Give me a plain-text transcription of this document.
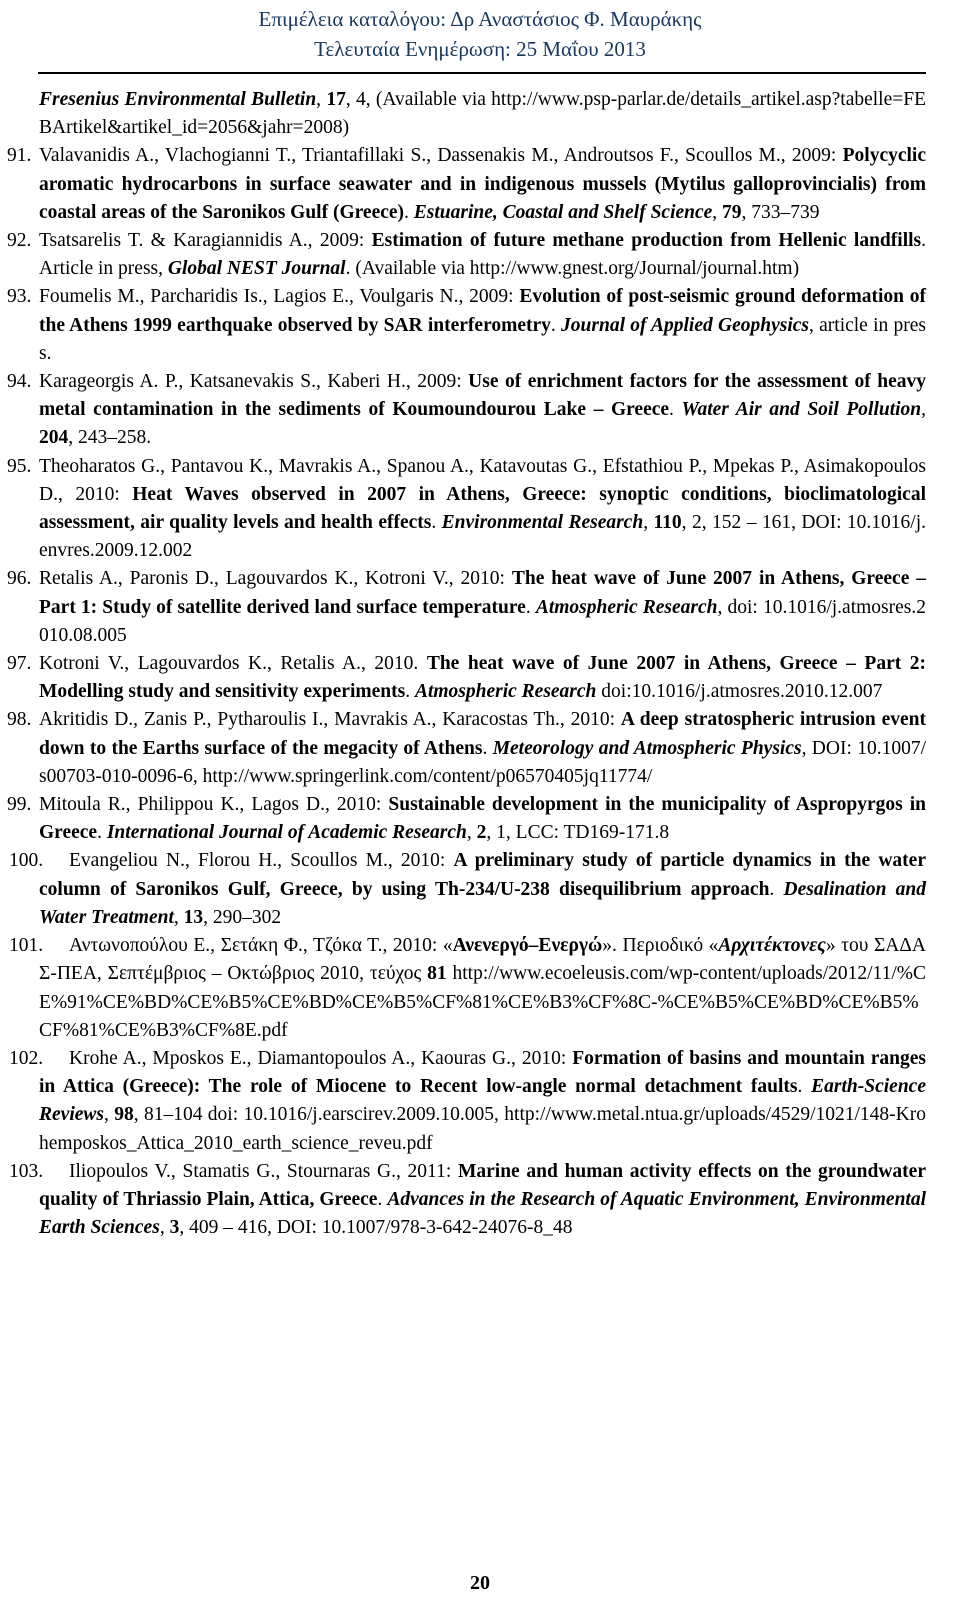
Επιμέλεια καταλόγου: Δρ Αναστάσιος Φ. Μαυράκης
Τελευταία Ενημέρωση: 25 Μαΐου 2013
Fresenius Environmental Bulletin, 17, 4, (Available via http://www.psp-parlar.de/details_artikel.asp?tabelle=FEBArtikel&artikel_id=2056&jahr=2008)
91. Valavanidis A., Vlachogianni T., Triantafillaki S., Dassenakis M., Androutsos F., Scoullos M., 2009: Polycyclic aromatic hydrocarbons in surface seawater and in indigenous mussels (Mytilus galloprovincialis) from coastal areas of the Saronikos Gulf (Greece). Estuarine, Coastal and Shelf Science, 79, 733–739
92. Tsatsarelis T. & Karagiannidis A., 2009: Estimation of future methane production from Hellenic landfills. Article in press, Global NEST Journal. (Available via http://www.gnest.org/Journal/journal.htm)
93. Foumelis M., Parcharidis Is., Lagios E., Voulgaris N., 2009: Evolution of post-seismic ground deformation of the Athens 1999 earthquake observed by SAR interferometry. Journal of Applied Geophysics, article in press.
94. Karageorgis A. P., Katsanevakis S., Kaberi H., 2009: Use of enrichment factors for the assessment of heavy metal contamination in the sediments of Koumoundourou Lake – Greece. Water Air and Soil Pollution, 204, 243–258.
95. Theoharatos G., Pantavou K., Mavrakis A., Spanou A., Katavoutas G., Efstathiou P., Mpekas P., Asimakopoulos D., 2010: Heat Waves observed in 2007 in Athens, Greece: synoptic conditions, bioclimatological assessment, air quality levels and health effects. Environmental Research, 110, 2, 152 – 161, DOI: 10.1016/j.envres.2009.12.002
96. Retalis A., Paronis D., Lagouvardos K., Kotroni V., 2010: The heat wave of June 2007 in Athens, Greece – Part 1: Study of satellite derived land surface temperature. Atmospheric Research, doi: 10.1016/j.atmosres.2010.08.005
97. Kotroni V., Lagouvardos K., Retalis A., 2010. The heat wave of June 2007 in Athens, Greece – Part 2: Modelling study and sensitivity experiments. Atmospheric Research doi:10.1016/j.atmosres.2010.12.007
98. Akritidis D., Zanis P., Pytharoulis I., Mavrakis A., Karacostas Th., 2010: A deep stratospheric intrusion event down to the Earths surface of the megacity of Athens. Meteorology and Atmospheric Physics, DOI: 10.1007/s00703-010-0096-6, http://www.springerlink.com/content/p06570405jq11774/
99. Mitoula R., Philippou K., Lagos D., 2010: Sustainable development in the municipality of Aspropyrgos in Greece. International Journal of Academic Research, 2, 1, LCC: TD169-171.8
100. Evangeliou N., Florou H., Scoullos M., 2010: A preliminary study of particle dynamics in the water column of Saronikos Gulf, Greece, by using Th-234/U-238 disequilibrium approach. Desalination and Water Treatment, 13, 290–302
101. Αντωνοπούλου Ε., Σετάκη Φ., Τζόκα Τ., 2010: «Ανενεργό–Ενεργώ». Περιοδικό «Αρχιτέκτονες» του ΣΑΔΑΣ-ΠΕΑ, Σεπτέμβριος – Οκτώβριος 2010, τεύχος 81 http://www.ecoeleusis.com/wp-content/uploads/2012/11/%CE%91%CE%BD%CE%B5%CE%BD%CE%B5%CF%81%CE%B3%CF%8C-%CE%B5%CE%BD%CE%B5%CF%81%CE%B3%CF%8E.pdf
102. Krohe A., Mposkos E., Diamantopoulos A., Kaouras G., 2010: Formation of basins and mountain ranges in Attica (Greece): The role of Miocene to Recent low-angle normal detachment faults. Earth-Science Reviews, 98, 81–104 doi: 10.1016/j.earscirev.2009.10.005, http://www.metal.ntua.gr/uploads/4529/1021/148-Krohemposkos_Attica_2010_earth_science_reveu.pdf
103. Iliopoulos V., Stamatis G., Stournaras G., 2011: Marine and human activity effects on the groundwater quality of Thriassio Plain, Attica, Greece. Advances in the Research of Aquatic Environment, Environmental Earth Sciences, 3, 409 – 416, DOI: 10.1007/978-3-642-24076-8_48
20
